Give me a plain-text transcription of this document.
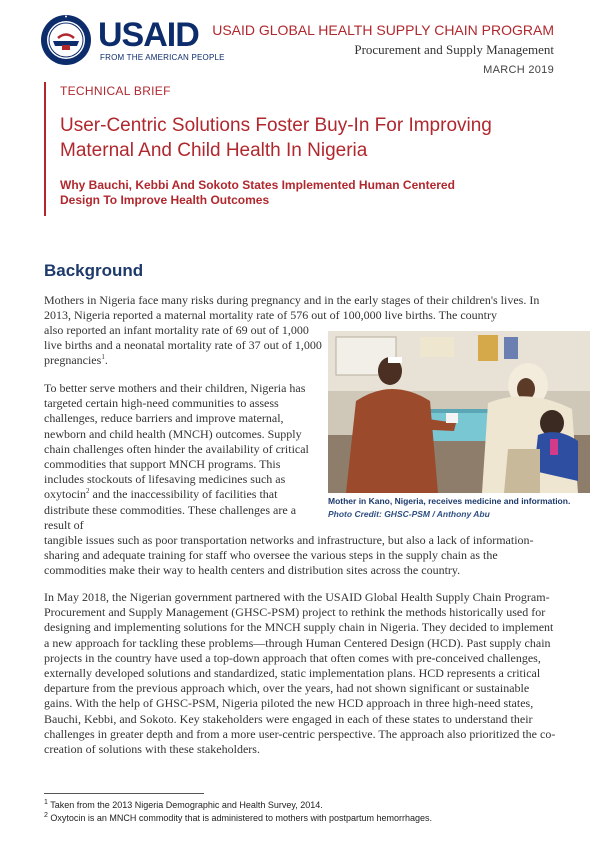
USAID
FROM THE AMERICAN PEOPLE
USAID GLOBAL HEALTH SUPPLY CHAIN PROGRAM
Procurement and Supply Management
MARCH 2019
TECHNICAL BRIEF
User-Centric Solutions Foster Buy-In For Improving
Maternal And Child Health In Nigeria
Why Bauchi, Kebbi And Sokoto States Implemented Human Centered
Design To Improve Health Outcomes
Background

Mothers in Nigeria face many risks during pregnancy and in the early stages of their children's lives. In 2013, Nigeria reported a maternal mortality rate of 576 out of 100,000 live births. The country

also reported an infant mortality rate of 69 out of 1,000 live births and a neonatal mortality rate of 37 out of 1,000 pregnancies$^1$.

To better serve mothers and their children, Nigeria has targeted certain high-need communities to assess challenges, reduce barriers and improve maternal, newborn and child health (MNCH) outcomes. Supply chain challenges often hinder the availability of critical commodities that support MNCH programs. This includes stockouts of lifesaving medicines such as oxytocin$^2$ and the inaccessibility of facilities that distribute these commodities. These challenges are a result of

tangible issues such as poor transportation networks and infrastructure, but also a lack of information-sharing and adequate training for staff who oversee the various steps in the supply chain as the commodities make their way to health centers and distribution sites across the country.

In May 2018, the Nigerian government partnered with the USAID Global Health Supply Chain Program-Procurement and Supply Management (GHSC-PSM) project to rethink the methods historically used for designing and implementing solutions for the MNCH supply chain in Nigeria. They decided to implement a new approach for tackling these problems—through Human Centered Design (HCD). Past supply chain projects in the country have used a top-down approach that often comes with pre-conceived challenges, externally developed solutions and standardized, static implementation plans. HCD represents a critical departure from the previous approach which, over the years, had not shown significant or sustainable gains. With the help of GHSC-PSM, Nigeria piloted the new HCD approach in three high-need states, Bauchi, Kebbi, and Sokoto. Key stakeholders were engaged in each of these states to understand their challenges in greater depth and from a more user-centric perspective. The approach also prioritized the co-creation of solutions with these stakeholders.

Mother in Kano, Nigeria, receives medicine and information.
Photo Credit: GHSC-PSM / Anthony Abu
$^1$ Taken from the 2013 Nigeria Demographic and Health Survey, 2014.
$^2$ Oxytocin is an MNCH commodity that is administered to mothers with postpartum hemorrhages.
